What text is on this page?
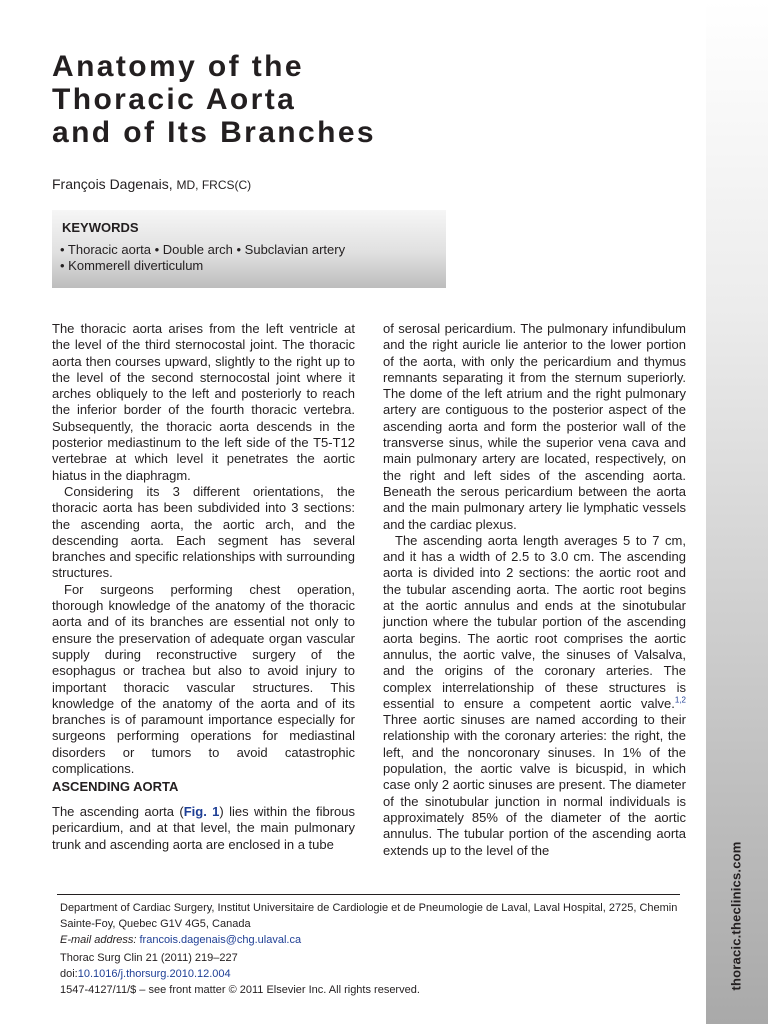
thoracic.theclinics.com
Anatomy of the
Thoracic Aorta
and of Its Branches
François Dagenais, MD, FRCS(C)
KEYWORDS
• Thoracic aorta • Double arch • Subclavian artery
• Kommerell diverticulum

The thoracic aorta arises from the left ventricle at the level of the third sternocostal joint. The thoracic aorta then courses upward, slightly to the right up to the level of the second sternocostal joint where it arches obliquely to the left and posteriorly to reach the inferior border of the fourth thoracic vertebra. Subsequently, the thoracic aorta descends in the posterior mediastinum to the left side of the T5-T12 vertebrae at which level it penetrates the aortic hiatus in the diaphragm.

Considering its 3 different orientations, the thoracic aorta has been subdivided into 3 sections: the ascending aorta, the aortic arch, and the descending aorta. Each segment has several branches and specific relationships with surrounding structures.

For surgeons performing chest operation, thorough knowledge of the anatomy of the thoracic aorta and of its branches are essential not only to ensure the preservation of adequate organ vascular supply during reconstructive surgery of the esophagus or trachea but also to avoid injury to important thoracic vascular structures. This knowledge of the anatomy of the aorta and of its branches is of paramount importance especially for surgeons performing operations for mediastinal disorders or tumors to avoid catastrophic complications.

ASCENDING AORTA

The ascending aorta (Fig. 1) lies within the fibrous pericardium, and at that level, the main pulmonary trunk and ascending aorta are enclosed in a tube

of serosal pericardium. The pulmonary infundibulum and the right auricle lie anterior to the lower portion of the aorta, with only the pericardium and thymus remnants separating it from the sternum superiorly. The dome of the left atrium and the right pulmonary artery are contiguous to the posterior aspect of the ascending aorta and form the posterior wall of the transverse sinus, while the superior vena cava and main pulmonary artery are located, respectively, on the right and left sides of the ascending aorta. Beneath the serous pericardium between the aorta and the main pulmonary artery lie lymphatic vessels and the cardiac plexus.

The ascending aorta length averages 5 to 7 cm, and it has a width of 2.5 to 3.0 cm. The ascending aorta is divided into 2 sections: the aortic root and the tubular ascending aorta. The aortic root begins at the aortic annulus and ends at the sinotubular junction where the tubular portion of the ascending aorta begins. The aortic root comprises the aortic annulus, the aortic valve, the sinuses of Valsalva, and the origins of the coronary arteries. The complex interrelationship of these structures is essential to ensure a competent aortic valve.$^{1,2}$ Three aortic sinuses are named according to their relationship with the coronary arteries: the right, the left, and the noncoronary sinuses. In 1% of the population, the aortic valve is bicuspid, in which case only 2 aortic sinuses are present. The diameter of the sinotubular junction in normal individuals is approximately 85% of the diameter of the aortic annulus. The tubular portion of the ascending aorta extends up to the level of the

Department of Cardiac Surgery, Institut Universitaire de Cardiologie et de Pneumologie de Laval, Laval Hospital, 2725, Chemin Sainte-Foy, Quebec G1V 4G5, Canada

E-mail address: francois.dagenais@chg.ulaval.ca

Thorac Surg Clin 21 (2011) 219–227

doi:10.1016/j.thorsurg.2010.12.004

1547-4127/11/$ – see front matter © 2011 Elsevier Inc. All rights reserved.
